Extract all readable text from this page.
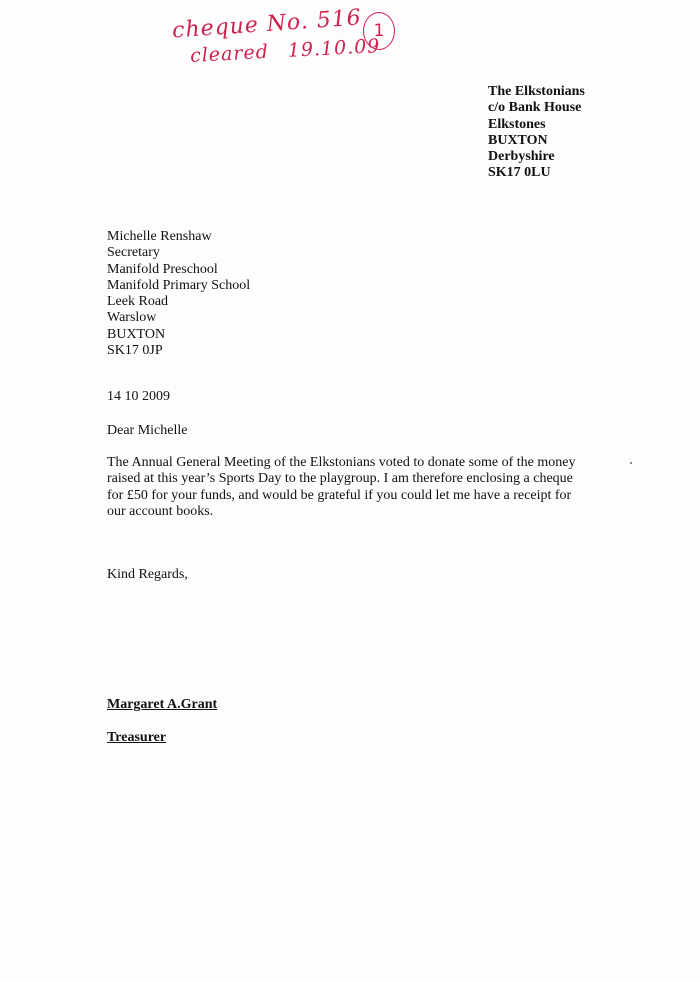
cheque No. 516
cleared 19.10.09
1
The Elkstonians
c/o Bank House
Elkstones
BUXTON
Derbyshire
SK17 0LU
Michelle Renshaw
Secretary
Manifold Preschool
Manifold Primary School
Leek Road
Warslow
BUXTON
SK17 0JP
14 10 2009
Dear Michelle
The Annual General Meeting of the Elkstonians voted to donate some of the money
raised at this year’s Sports Day to the playgroup. I am therefore enclosing a cheque
for £50 for your funds, and would be grateful if you could let me have a receipt for
our account books.
Kind Regards,
Margaret A.Grant
Treasurer
